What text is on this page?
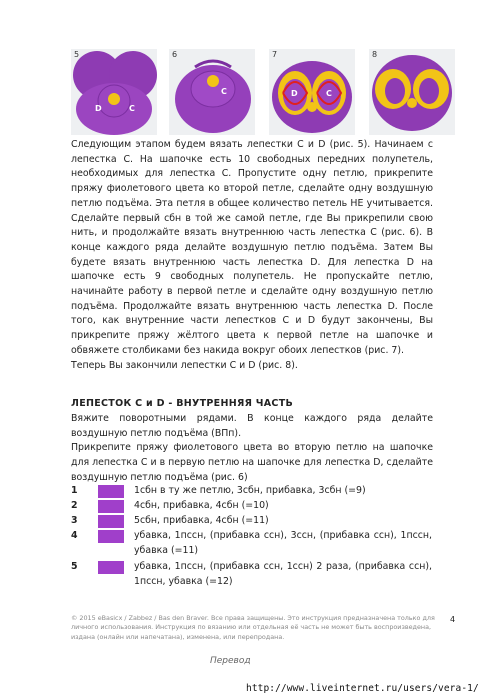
5
D	C
6
C
7
D	C
8

Следующим этапом будем вязать лепестки C и D (рис. 5). Начинаем с лепестка C. На шапочке есть 10 свободных передних полупетель, необходимых для лепестка C. Пропустите одну петлю, прикрепите пряжу фиолетового цвета ко второй петле, сделайте одну воздушную петлю подъёма. Эта петля в общее количество петель НЕ учитывается. Сделайте первый сбн в той же самой петле, где Вы прикрепили свою нить, и продолжайте вязать внутреннюю часть лепестка C (рис. 6). В конце каждого ряда делайте воздушную петлю подъёма. Затем Вы будете вязать внутреннюю часть лепестка D. Для лепестка D на шапочке есть 9 свободных полупетель. Не пропускайте петлю, начинайте работу в первой петле и сделайте одну воздушную петлю подъёма. Продолжайте вязать внутреннюю часть лепестка D. После того, как внутренние части лепестков C и D будут закончены, Вы прикрепите пряжу жёлтого цвета к первой петле на шапочке и обвяжете столбиками без накида вокруг обоих лепестков (рис. 7).

Теперь Вы закончили лепестки C и D (рис. 8).

ЛЕПЕСТОК C и D - ВНУТРЕННЯЯ ЧАСТЬ

Вяжите поворотными рядами. В конце каждого ряда делайте воздушную петлю подъёма (ВПп).

Прикрепите пряжу фиолетового цвета во вторую петлю на шапочке для лепестка C и в первую петлю на шапочке для лепестка D, сделайте воздушную петлю подъёма (рис. 6)

1	1сбн в ту же петлю, 3сбн, прибавка, 3сбн (=9)
2	4сбн, прибавка, 4сбн (=10)
3	5сбн, прибавка, 4сбн (=11)
4	убавка, 1пссн, (прибавка ссн), 3ссн, (прибавка ссн), 1пссн, убавка (=11)
5	убавка, 1пссн, (прибавка ссн, 1ссн) 2 раза, (прибавка ссн), 1пссн, убавка (=12)
© 2015 eBasicx / Zabbez / Bas den Braver. Все права защищены. Это инструкция предназначена только для личного использования. Инструкция по вязанию или отдельная её часть не может быть воспроизведена, издана (онлайн или напечатана), изменена, или перепродана.
4
Перевод
http://www.liveinternet.ru/users/vera-1/
